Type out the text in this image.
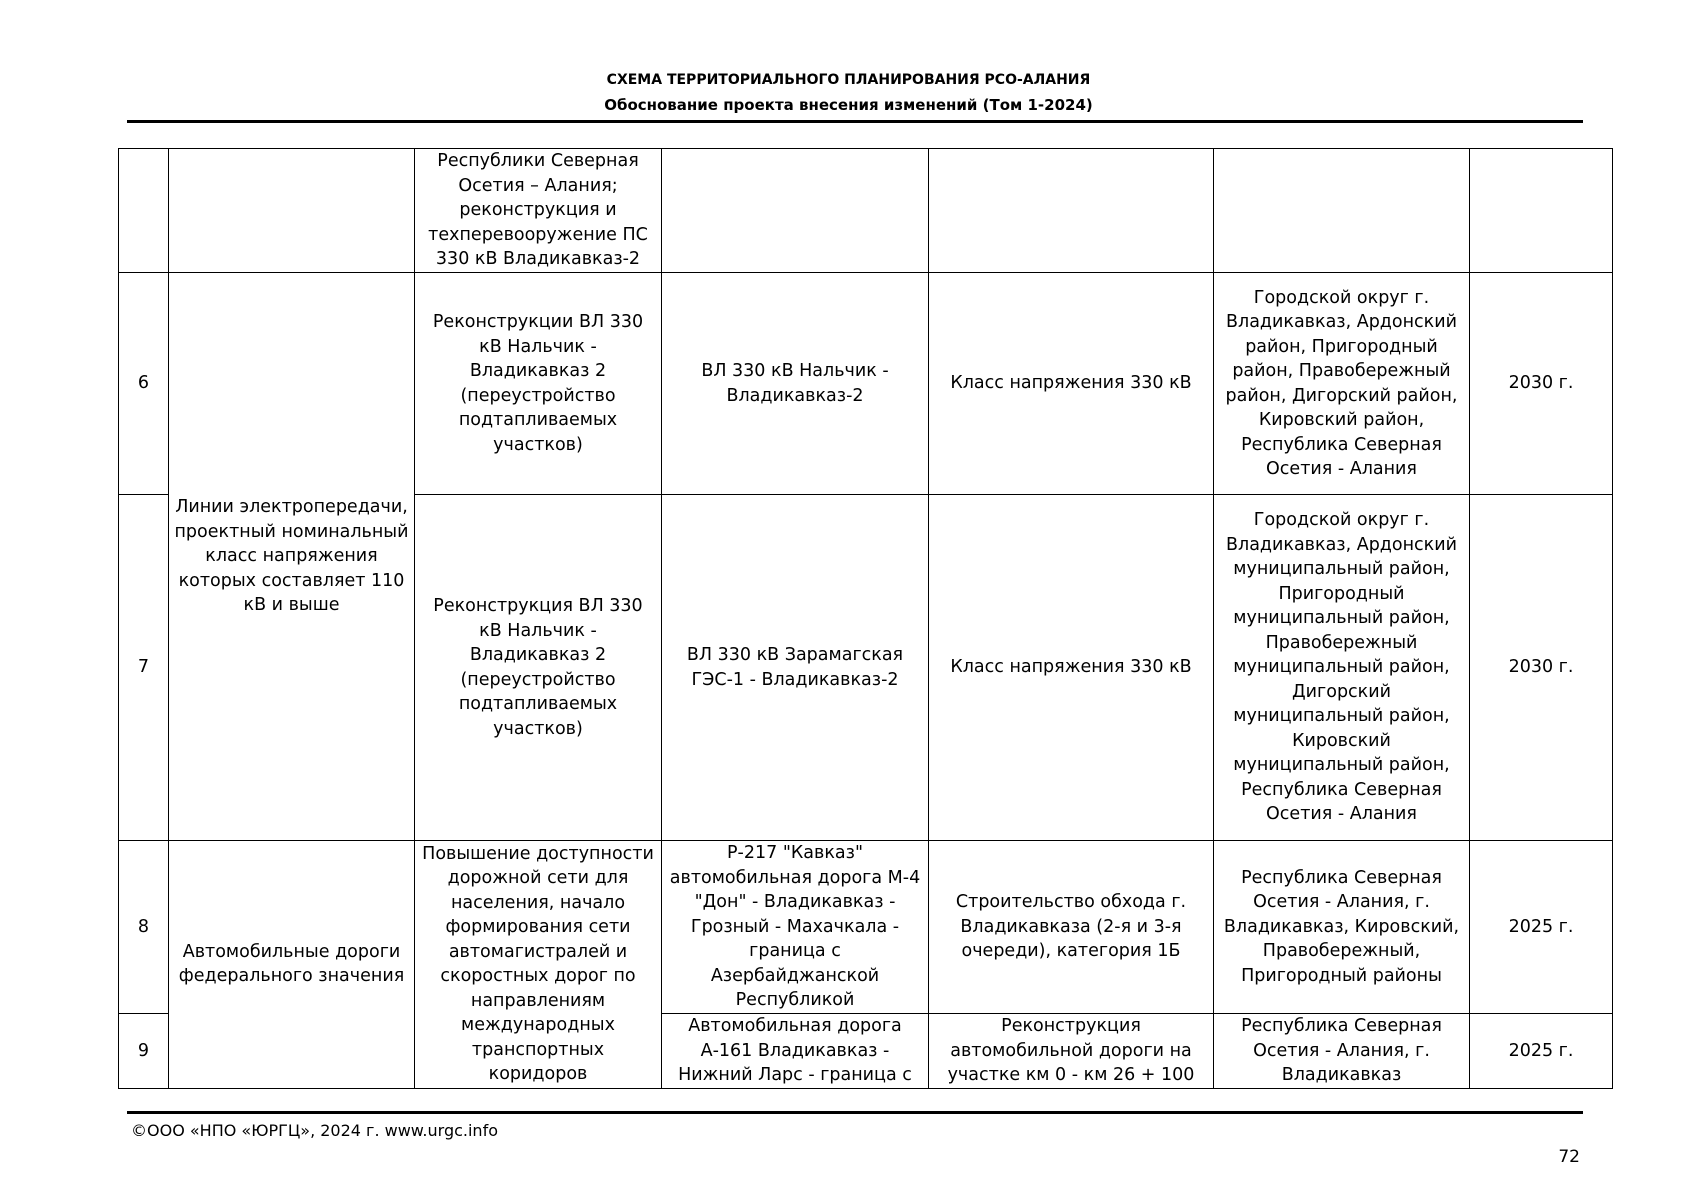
СХЕМА ТЕРРИТОРИАЛЬНОГО ПЛАНИРОВАНИЯ РСО-АЛАНИЯ
Обоснование проекта внесения изменений (Том 1-2024)
		Республики Северная Осетия – Алания; реконструкция и техперевооружение ПС 330 кВ Владикавказ-2				
6	Линии электропередачи, проектный номинальный класс напряжения которых составляет 110 кВ и выше	Реконструкции ВЛ 330 кВ Нальчик - Владикавказ 2 (переустройство подтапливаемых участков)	ВЛ 330 кВ Нальчик - Владикавказ-2	Класс напряжения 330 кВ	Городской округ г. Владикавказ, Ардонский район, Пригородный район, Правобережный район, Дигорский район, Кировский район, Республика Северная Осетия - Алания	2030 г.
7		Реконструкция ВЛ 330 кВ Нальчик - Владикавказ 2 (переустройство подтапливаемых участков)	ВЛ 330 кВ Зарамагская ГЭС-1 - Владикавказ-2	Класс напряжения 330 кВ	Городской округ г. Владикавказ, Ардонский муниципальный район, Пригородный муниципальный район, Правобережный муниципальный район, Дигорский муниципальный район, Кировский муниципальный район, Республика Северная Осетия - Алания	2030 г.
8	Автомобильные дороги федерального значения	Повышение доступности дорожной сети для населения, начало формирования сети автомагистралей и скоростных дорог по направлениям международных транспортных коридоров	Р-217 "Кавказ" автомобильная дорога М-4 "Дон" - Владикавказ - Грозный - Махачкала - граница с Азербайджанской Республикой	Строительство обхода г. Владикавказа (2-я и 3-я очереди), категория 1Б	Республика Северная Осетия - Алания, г. Владикавказ, Кировский, Правобережный, Пригородный районы	2025 г.
9			Автомобильная дорога А-161 Владикавказ - Нижний Ларс - граница с	Реконструкция автомобильной дороги на участке км 0 - км 26 + 100	Республика Северная Осетия - Алания, г. Владикавказ	2025 г.
©ООО «НПО «ЮРГЦ», 2024 г. www.urgc.info
72
